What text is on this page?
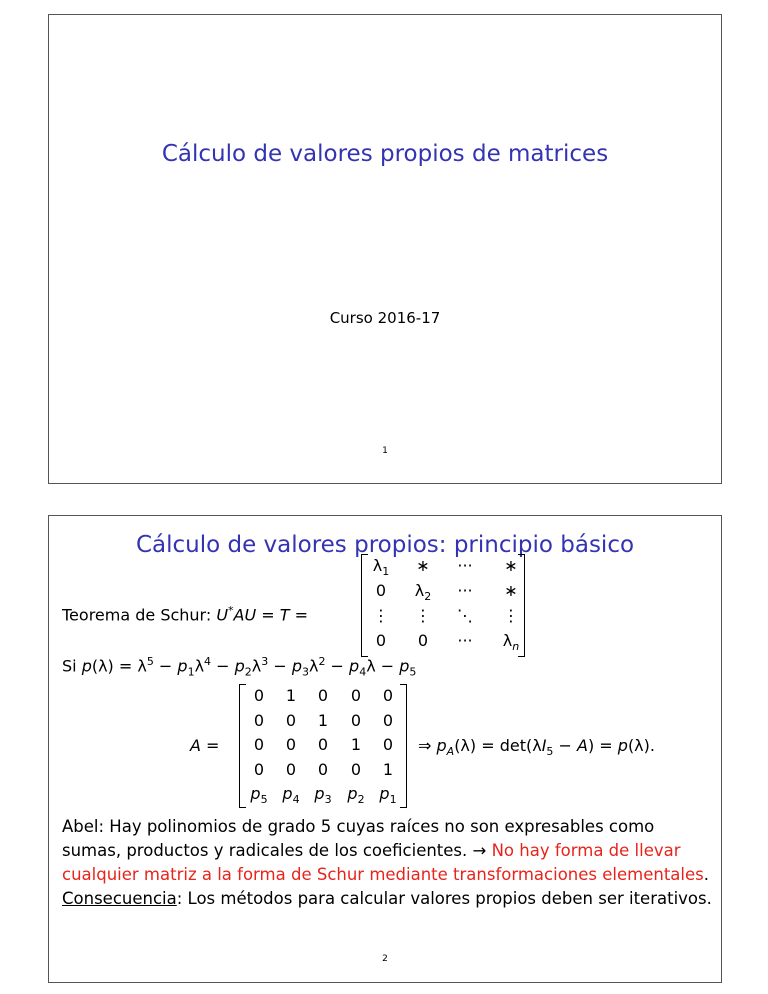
Cálculo de valores propios de matrices
Curso 2016-17
1
Cálculo de valores propios: principio básico
Teorema de Schur: U*AU = T =
$\lambda_1$	∗	···	∗
0	$\lambda_2$	···	∗
⋮	⋮	⋱	⋮
0	0	···	$\lambda_n$
Si $p(\lambda) = \lambda^5 - p_1\lambda^4 - p_2\lambda^3 - p_3\lambda^2 - p_4\lambda - p_5$
A =
0	1	0	0	0
0	0	1	0	0
0	0	0	1	0
0	0	0	0	1
$p_5$ $p_4$ $p_3$ $p_2$ $p_1$
⇒ $p_A(\lambda) = \det(\lambda I_5 - A) = p(\lambda)$.
Abel: Hay polinomios de grado 5 cuyas raíces no son expresables como sumas, productos y radicales de los coeficientes. → No hay forma de llevar cualquier matriz a la forma de Schur mediante transformaciones elementales.
Consecuencia: Los métodos para calcular valores propios deben ser iterativos.
2
